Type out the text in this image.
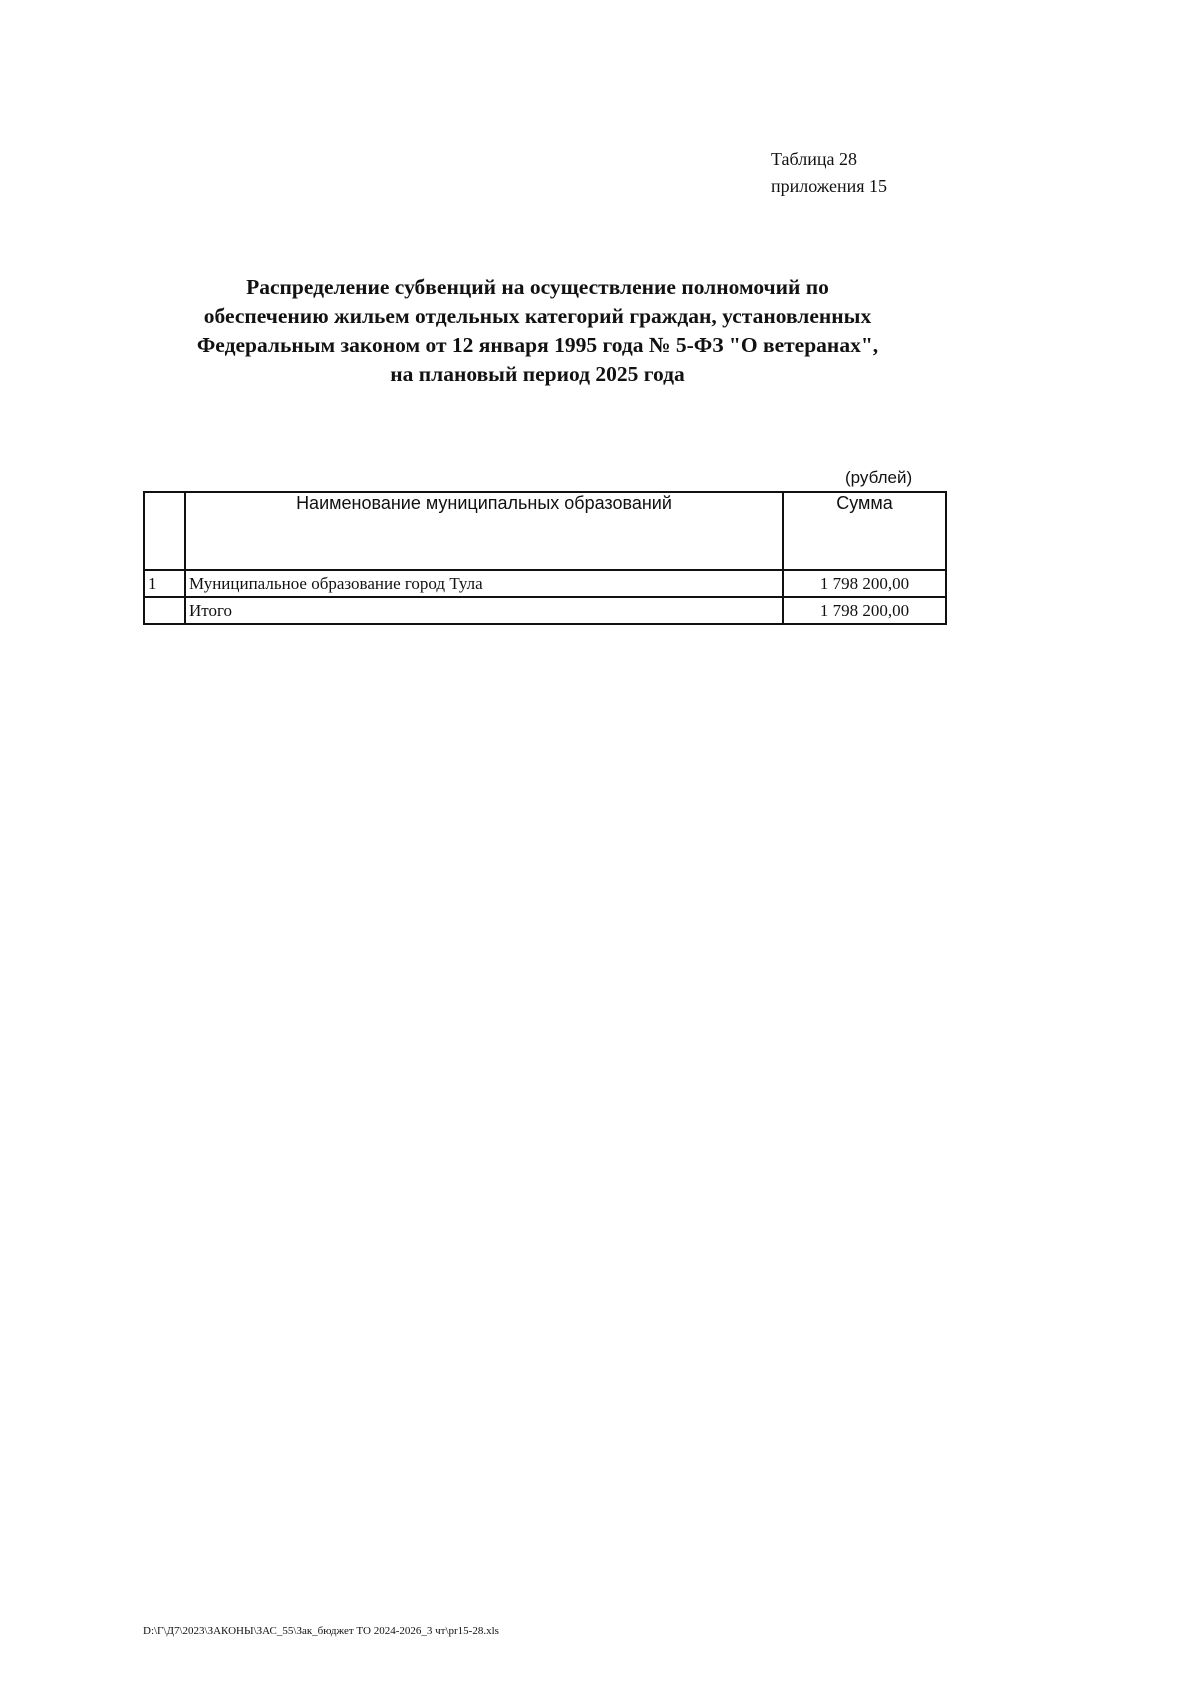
Таблица 28
приложения 15
Распределение субвенций на осуществление полномочий по
обеспечению жильем отдельных категорий граждан, установленных
Федеральным законом от 12 января 1995 года № 5-ФЗ "О ветеранах",
на плановый период 2025 года
(рублей)
	Наименование муниципальных образований	Сумма
1	Муниципальное образование город Тула	1 798 200,00
	Итого	1 798 200,00
D:\Г\Д7\2023\ЗАКОНЫ\ЗАС_55\Зак_бюджет ТО 2024-2026_3 чт\pr15-28.xls
